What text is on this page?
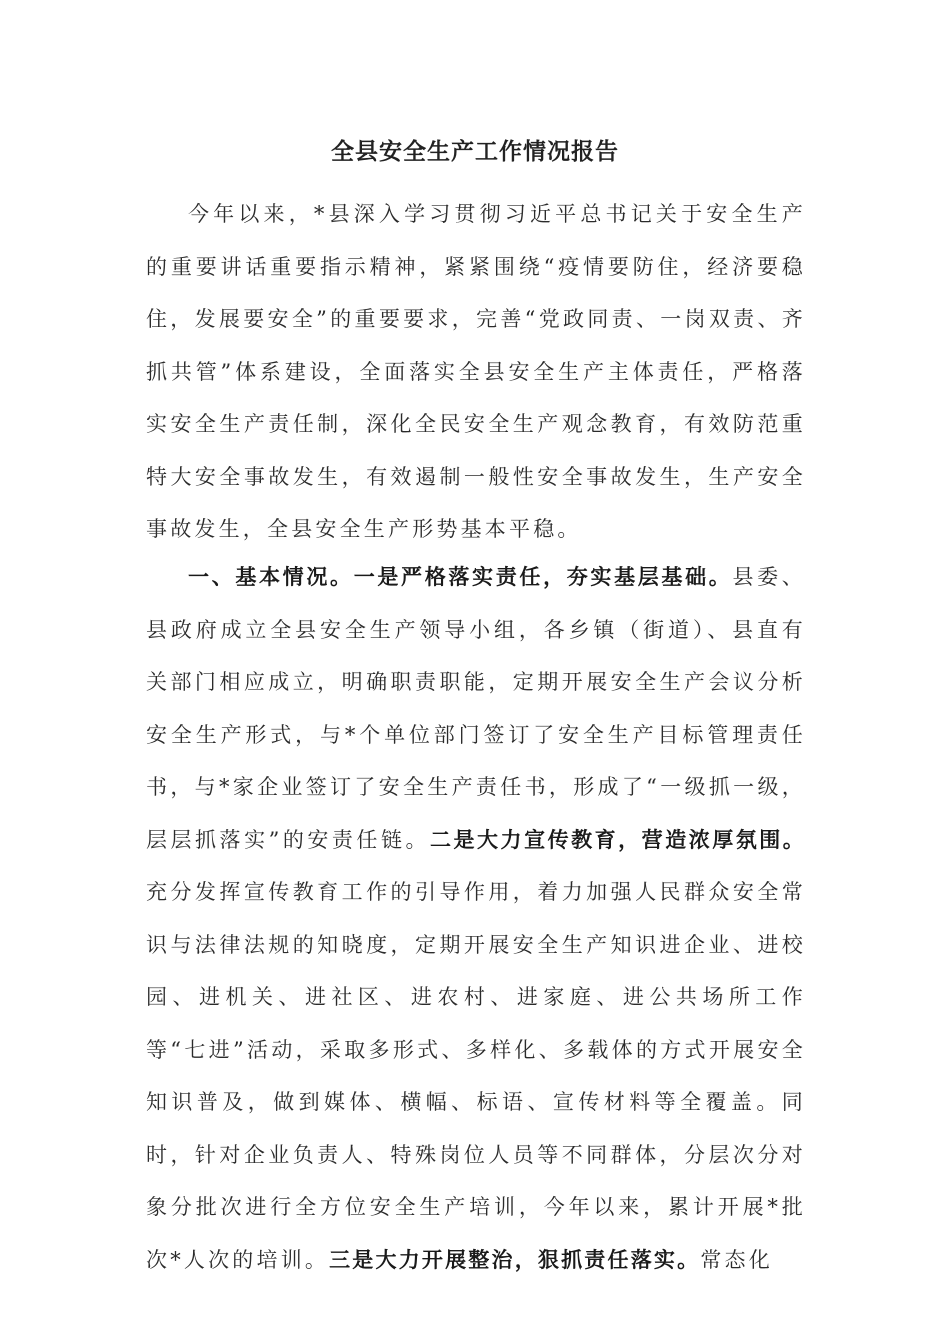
全县安全生产工作情况报告

今年以来，*县深入学习贯彻习近平总书记关于安全生产的重要讲话重要指示精神，紧紧围绕“疫情要防住，经济要稳住，发展要安全”的重要要求，完善“党政同责、一岗双责、齐抓共管”体系建设，全面落实全县安全生产主体责任，严格落实安全生产责任制，深化全民安全生产观念教育，有效防范重特大安全事故发生，有效遏制一般性安全事故发生，生产安全事故发生，全县安全生产形势基本平稳。

一、基本情况。一是严格落实责任，夯实基层基础。县委、县政府成立全县安全生产领导小组，各乡镇（街道）、县直有关部门相应成立，明确职责职能，定期开展安全生产会议分析安全生产形式，与*个单位部门签订了安全生产目标管理责任书，与*家企业签订了安全生产责任书，形成了“一级抓一级，层层抓落实”的安责任链。二是大力宣传教育，营造浓厚氛围。充分发挥宣传教育工作的引导作用，着力加强人民群众安全常识与法律法规的知晓度，定期开展安全生产知识进企业、进校园、进机关、进社区、进农村、进家庭、进公共场所工作等“七进”活动，采取多形式、多样化、多载体的方式开展安全知识普及，做到媒体、横幅、标语、宣传材料等全覆盖。同时，针对企业负责人、特殊岗位人员等不同群体，分层次分对象分批次进行全方位安全生产培训，今年以来，累计开展*批次*人次的培训。三是大力开展整治，狠抓责任落实。常态化
